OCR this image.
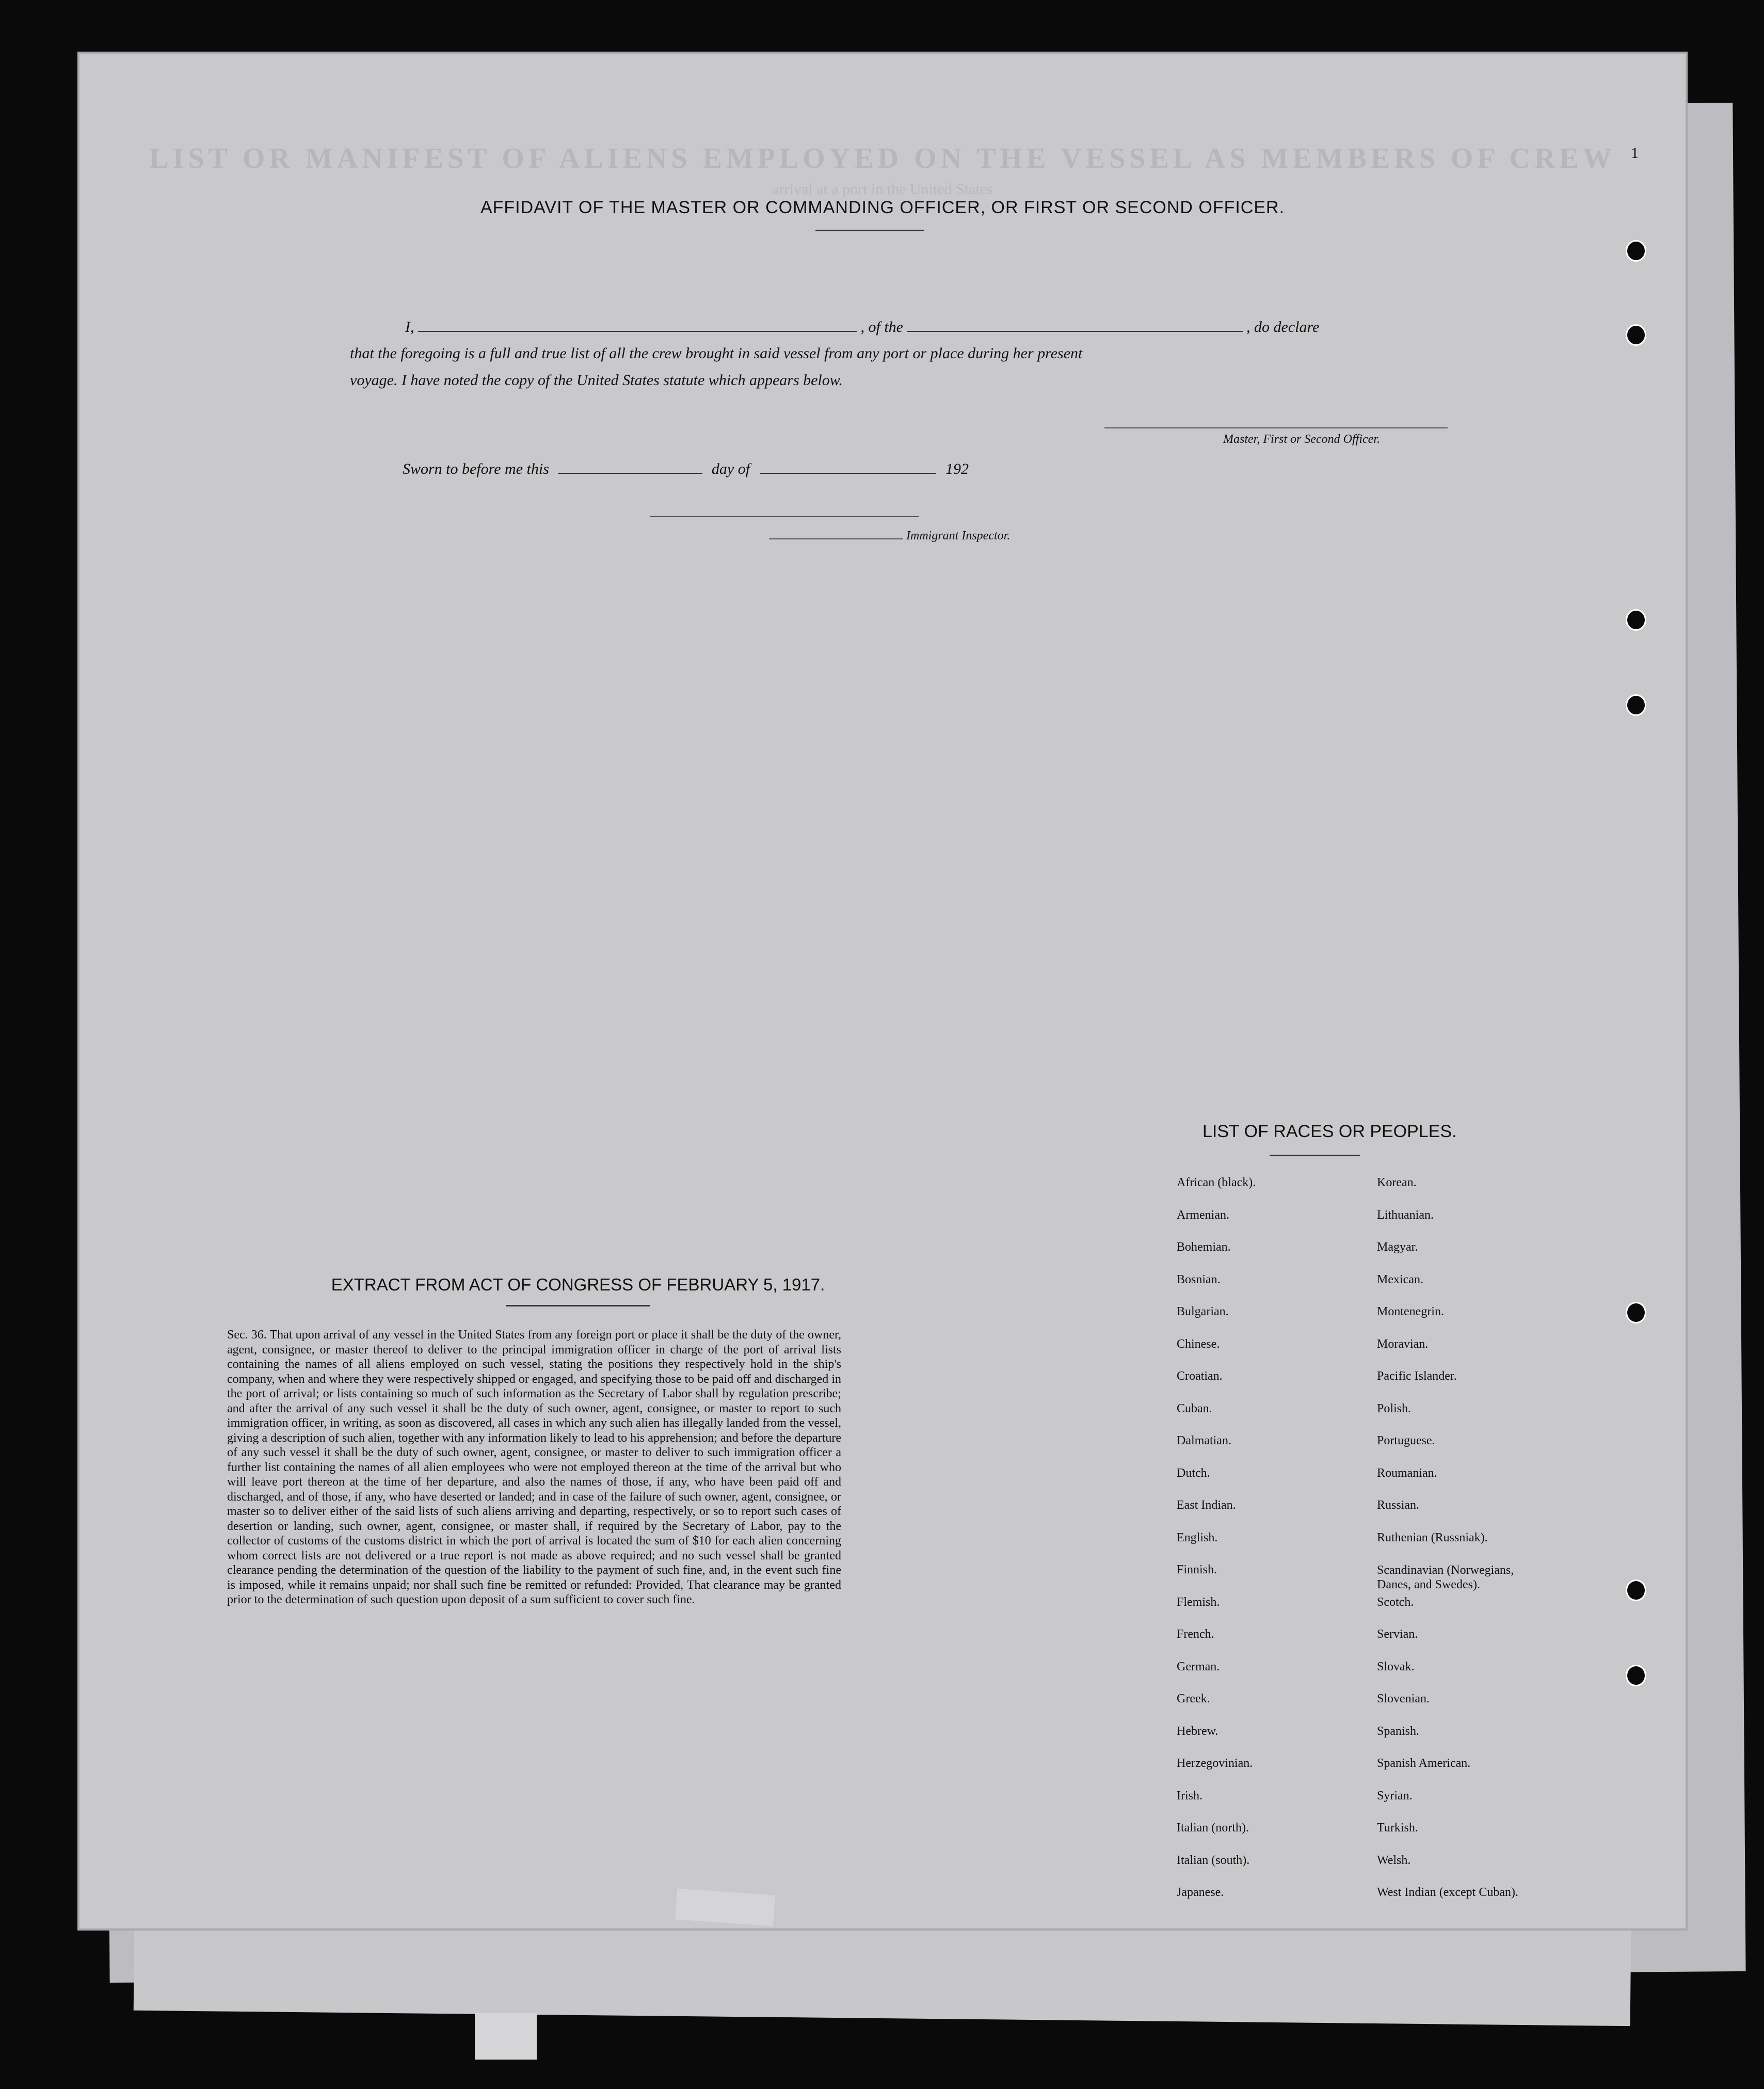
1
LIST OR MANIFEST OF ALIENS EMPLOYED ON THE VESSEL AS MEMBERS OF CREW
arrival at a port in the United States
AFFIDAVIT OF THE MASTER OR COMMANDING OFFICER, OR FIRST OR SECOND OFFICER.
I,	, of the	, do declare
that the foregoing is a full and true list of all the crew brought in said vessel from any port or place during her present
voyage. I have noted the copy of the United States statute which appears below.
Master, First or Second Officer.
Sworn to before me this	day of	192
Immigrant Inspector.
EXTRACT FROM ACT OF CONGRESS OF FEBRUARY 5, 1917.
Sec. 36. That upon arrival of any vessel in the United States from any foreign port or place it shall be the duty of the owner, agent, consignee, or master thereof to deliver to the principal immigration officer in charge of the port of arrival lists containing the names of all aliens employed on such vessel, stating the positions they respectively hold in the ship's company, when and where they were respectively shipped or engaged, and specifying those to be paid off and discharged in the port of arrival; or lists containing so much of such information as the Secretary of Labor shall by regulation prescribe; and after the arrival of any such vessel it shall be the duty of such owner, agent, consignee, or master to report to such immigration officer, in writing, as soon as discovered, all cases in which any such alien has illegally landed from the vessel, giving a description of such alien, together with any information likely to lead to his apprehension; and before the departure of any such vessel it shall be the duty of such owner, agent, consignee, or master to deliver to such immigration officer a further list containing the names of all alien employees who were not employed thereon at the time of the arrival but who will leave port thereon at the time of her departure, and also the names of those, if any, who have been paid off and discharged, and of those, if any, who have deserted or landed; and in case of the failure of such owner, agent, consignee, or master so to deliver either of the said lists of such aliens arriving and departing, respectively, or so to report such cases of desertion or landing, such owner, agent, consignee, or master shall, if required by the Secretary of Labor, pay to the collector of customs of the customs district in which the port of arrival is located the sum of $10 for each alien concerning whom correct lists are not delivered or a true report is not made as above required; and no such vessel shall be granted clearance pending the determination of the question of the liability to the payment of such fine, and, in the event such fine is imposed, while it remains unpaid; nor shall such fine be remitted or refunded: Provided, That clearance may be granted prior to the determination of such question upon deposit of a sum sufficient to cover such fine.
LIST OF RACES OR PEOPLES.
African (black).
Armenian.
Bohemian.
Bosnian.
Bulgarian.
Chinese.
Croatian.
Cuban.
Dalmatian.
Dutch.
East Indian.
English.
Finnish.
Flemish.
French.
German.
Greek.
Hebrew.
Herzegovinian.
Irish.
Italian (north).
Italian (south).
Japanese.
Korean.
Lithuanian.
Magyar.
Mexican.
Montenegrin.
Moravian.
Pacific Islander.
Polish.
Portuguese.
Roumanian.
Russian.
Ruthenian (Russniak).
Scandinavian (Norwegians, Danes, and Swedes).
Scotch.
Servian.
Slovak.
Slovenian.
Spanish.
Spanish American.
Syrian.
Turkish.
Welsh.
West Indian (except Cuban).
